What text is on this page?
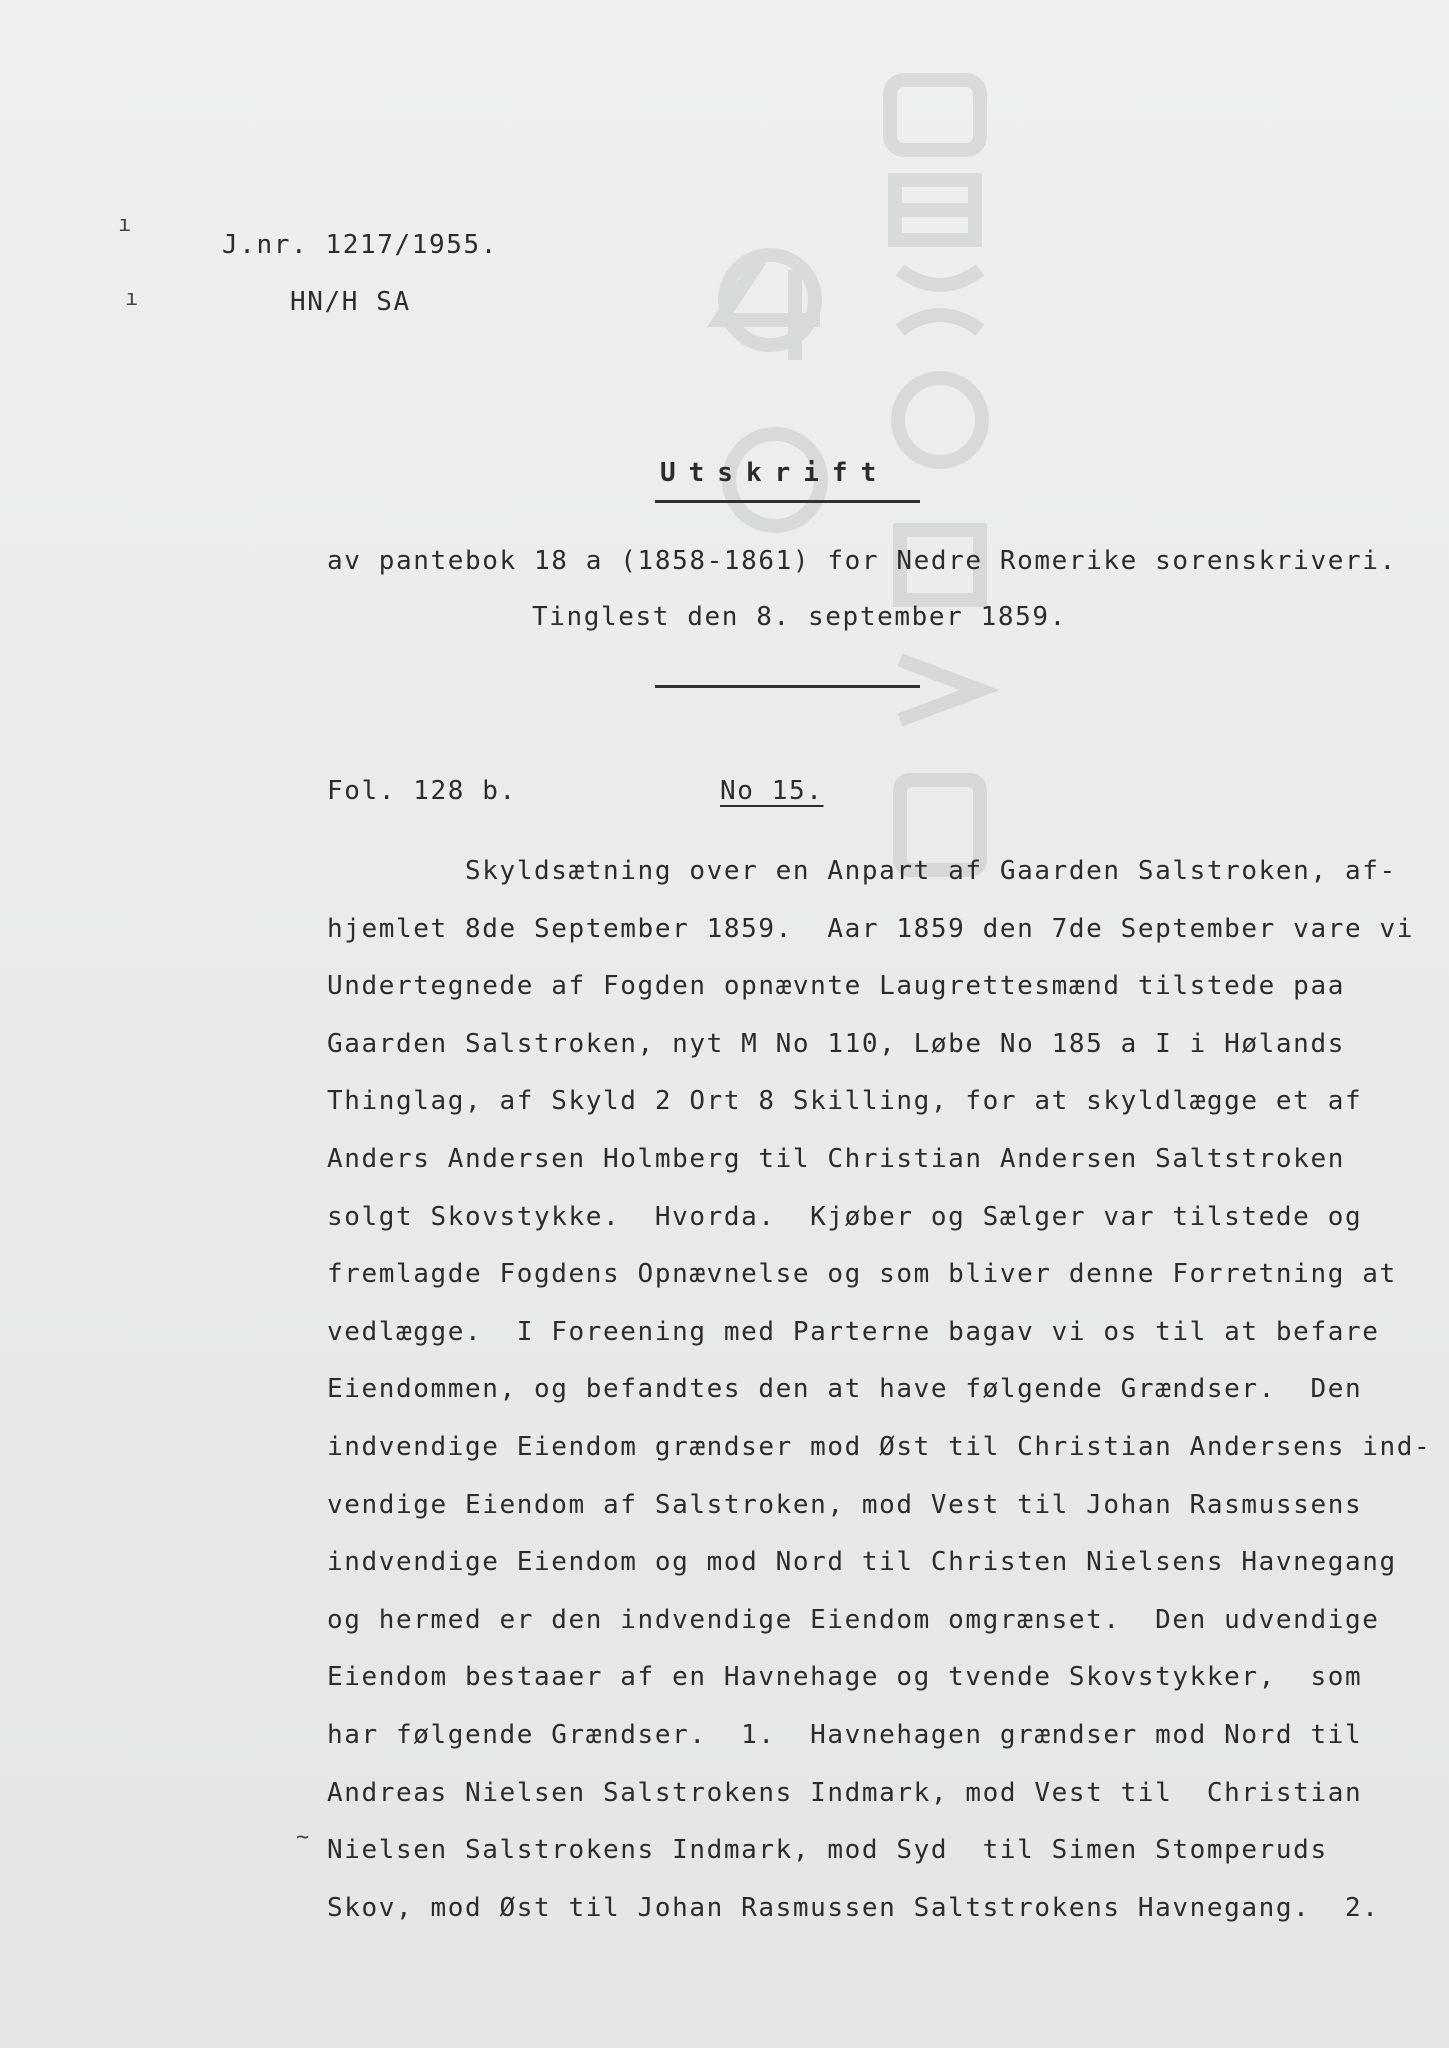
ı
ı
~
J.nr. 1217/1955.
HN/H SA
Utskrift
av pantebok 18 a (1858-1861) for Nedre Romerike sorenskriveri.
Tinglest den 8. september 1859.
Fol. 128 b.	No 15.
Skyldsætning over en Anpart af Gaarden Salstroken, af-
hjemlet 8de September 1859.  Aar 1859 den 7de September vare vi
Undertegnede af Fogden opnævnte Laugrettesmænd tilstede paa
Gaarden Salstroken, nyt M No 110, Løbe No 185 a I i Hølands
Thinglag, af Skyld 2 Ort 8 Skilling, for at skyldlægge et af
Anders Andersen Holmberg til Christian Andersen Saltstroken
solgt Skovstykke.  Hvorda.  Kjøber og Sælger var tilstede og
fremlagde Fogdens Opnævnelse og som bliver denne Forretning at
vedlægge.  I Foreening med Parterne bagav vi os til at befare
Eiendommen, og befandtes den at have følgende Grændser.  Den
indvendige Eiendom grændser mod Øst til Christian Andersens ind-
vendige Eiendom af Salstroken, mod Vest til Johan Rasmussens
indvendige Eiendom og mod Nord til Christen Nielsens Havnegang
og hermed er den indvendige Eiendom omgrænset.  Den udvendige
Eiendom bestaaer af en Havnehage og tvende Skovstykker,  som
har følgende Grændser.  1.  Havnehagen grændser mod Nord til
Andreas Nielsen Salstrokens Indmark, mod Vest til  Christian
Nielsen Salstrokens Indmark, mod Syd  til Simen Stomperuds
Skov, mod Øst til Johan Rasmussen Saltstrokens Havnegang.  2.
